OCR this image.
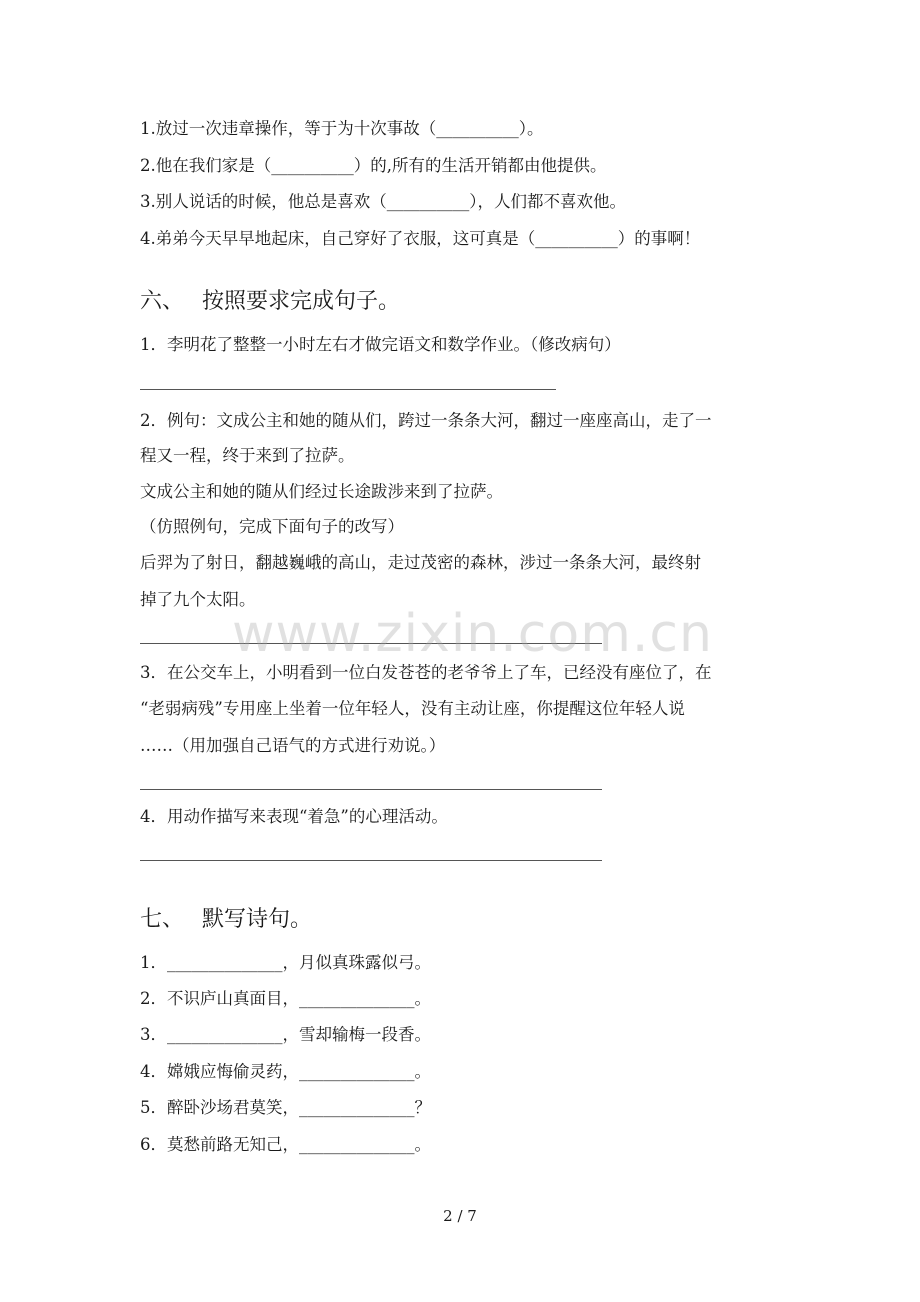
1.放过一次违章操作，等于为十次事故（__________）。
2.他在我们家是（__________）的,所有的生活开销都由他提供。
3.别人说话的时候，他总是喜欢（__________），人们都不喜欢他。
4.弟弟今天早早地起床，自己穿好了衣服，这可真是（__________）的事啊！
六、 按照要求完成句子。
1．李明花了整整一小时左右才做完语文和数学作业。（修改病句）
2．例句：文成公主和她的随从们，跨过一条条大河，翻过一座座高山，走了一
程又一程，终于来到了拉萨。
文成公主和她的随从们经过长途跋涉来到了拉萨。
（仿照例句，完成下面句子的改写）
后羿为了射日，翻越巍峨的高山，走过茂密的森林，涉过一条条大河，最终射
掉了九个太阳。
3．在公交车上，小明看到一位白发苍苍的老爷爷上了车，已经没有座位了，在
“老弱病残”专用座上坐着一位年轻人，没有主动让座，你提醒这位年轻人说
……（用加强自己语气的方式进行劝说。）
4．用动作描写来表现“着急”的心理活动。
七、 默写诗句。
1．______________，月似真珠露似弓。
2．不识庐山真面目，______________。
3．______________，雪却输梅一段香。
4．嫦娥应悔偷灵药，______________。
5．醉卧沙场君莫笑，______________？
6．莫愁前路无知己，______________。
www.zixin.com.cn
2 / 7
